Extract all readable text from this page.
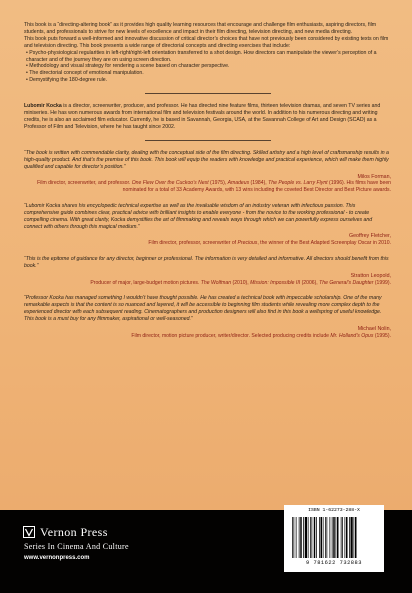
This book is a “directing-altering book” as it provides high quality learning resources that encourage and challenge film enthusiasts, aspiring directors, film students, and professionals to strive for new levels of excellence and impact in their film directing, television directing, and new media directing.

This book puts forward a well-informed and innovative discussion of critical director’s choices that have not previously been considered by existing texts on film and television directing. This book presents a wide range of directorial concepts and directing exercises that include:

• Psycho-physiological regularities in left-right/right-left orientation transferred to a shot design. How directors can manipulate the viewer’s perception of a character and of the journey they are on using screen direction.
• Methodology and visual strategy for rendering a scene based on character perspective.
• The directorial concept of emotional manipulation.
• Demystifying the 180-degree rule.

Lubomir Kocka is a director, screenwriter, producer, and professor. He has directed nine feature films, thirteen television dramas, and seven TV series and miniseries. He has won numerous awards from international film and television festivals around the world. In addition to his numerous directing and writing credits, he is also an acclaimed film educator. Currently, he is based in Savannah, Georgia, USA, at the Savannah College of Art and Design (SCAD) as a Professor of Film and Television, where he has taught since 2002.

“The book is written with commendable clarity, dealing with the conceptual side of the film directing. Skilled artistry and a high level of craftsmanship results in a high-quality product. And that’s the premise of this book. This book will equip the readers with knowledge and practical experience, which will make them highly qualified and capable for director’s position.”

Milos Forman,

Film director, screenwriter, and professor. One Flew Over the Cuckoo’s Nest (1975), Amadeus (1984), The People vs. Larry Flynt (1996). His films have been nominated for a total of 33 Academy Awards, with 13 wins including the coveted Best Director and Best Picture awards.

“Lubomir Kocka shares his encyclopedic technical expertise as well as the invaluable wisdom of an industry veteran with infectious passion. This comprehensive guide combines clear, practical advice with brilliant insights to enable everyone - from the novice to the working professional - to create compelling cinema. With great clarity, Kocka demystifies the art of filmmaking and reveals ways through which we can powerfully express ourselves and connect with others through this magical medium.”

Geoffrey Fletcher,

Film director, professor, screenwriter of Precious, the winner of the Best Adapted Screenplay Oscar in 2010.

“This is the epitome of guidance for any director, beginner or professional. The information is very detailed and informative. All directors should benefit from this book.”

Stratton Leopold,

Producer of major, large-budget motion pictures. The Wolfman (2010), Mission: Impossible III (2006), The General’s Daughter (1999).

“Professor Kocka has managed something I wouldn’t have thought possible. He has created a technical book with impeccable scholarship. One of the many remarkable aspects is that the content is so nuanced and layered, it will be accessible to beginning film students while revealing more complex depth to the experienced director with each subsequent reading. Cinematographers and production designers will also find in this book a wellspring of useful knowledge. This book is a must buy for any filmmaker, aspirational or well-seasoned.”

Michael Nolin,

Film director, motion picture producer, writer/director. Selected producing credits include Mr. Holland’s Opus (1995).

Vernon Press
Series In Cinema And Culture
www.vernonpress.com
ISBN 1-62273-288-X
9 781622 732883
